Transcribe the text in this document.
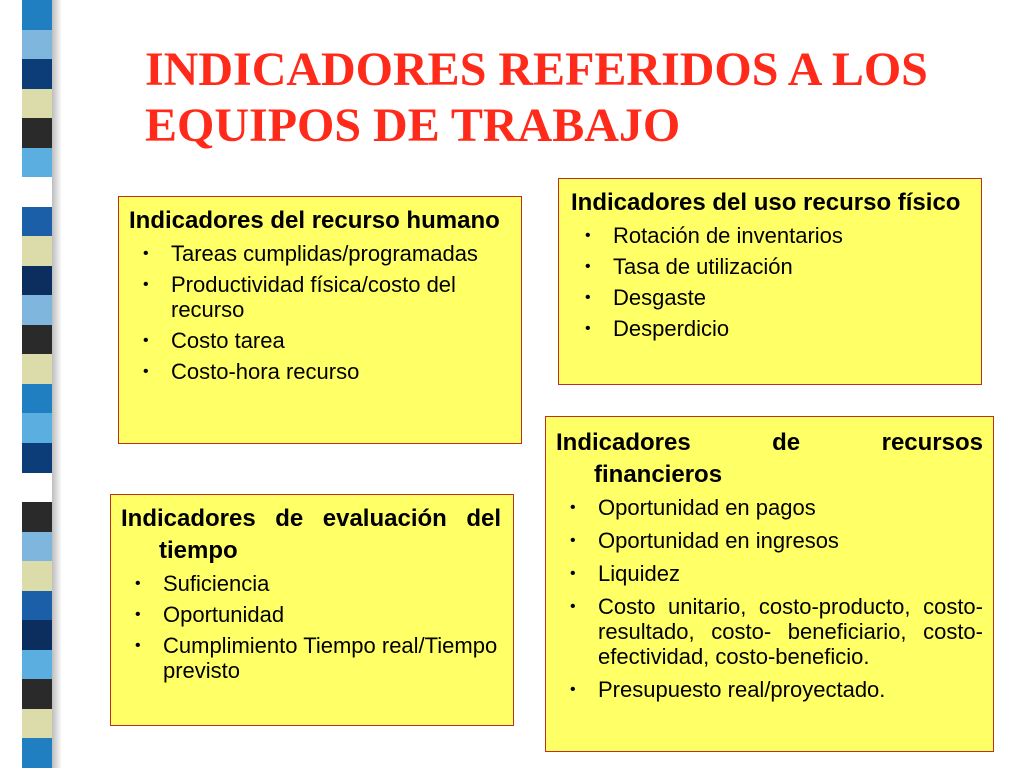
INDICADORES REFERIDOS A LOS EQUIPOS DE TRABAJO
Indicadores del recurso humano
• Tareas cumplidas/programadas
• Productividad física/costo del recurso
• Costo tarea
• Costo-hora recurso
Indicadores del uso recurso físico
• Rotación de inventarios
• Tasa de utilización
• Desgaste
• Desperdicio
Indicadores de evaluación del tiempo
• Suficiencia
• Oportunidad
• Cumplimiento Tiempo real/Tiempo previsto
Indicadores de recursos
financieros
• Oportunidad en pagos
• Oportunidad en ingresos
• Liquidez
• Costo unitario, costo-producto, costo-resultado, costo- beneficiario, costo-efectividad, costo-beneficio.
• Presupuesto real/proyectado.
